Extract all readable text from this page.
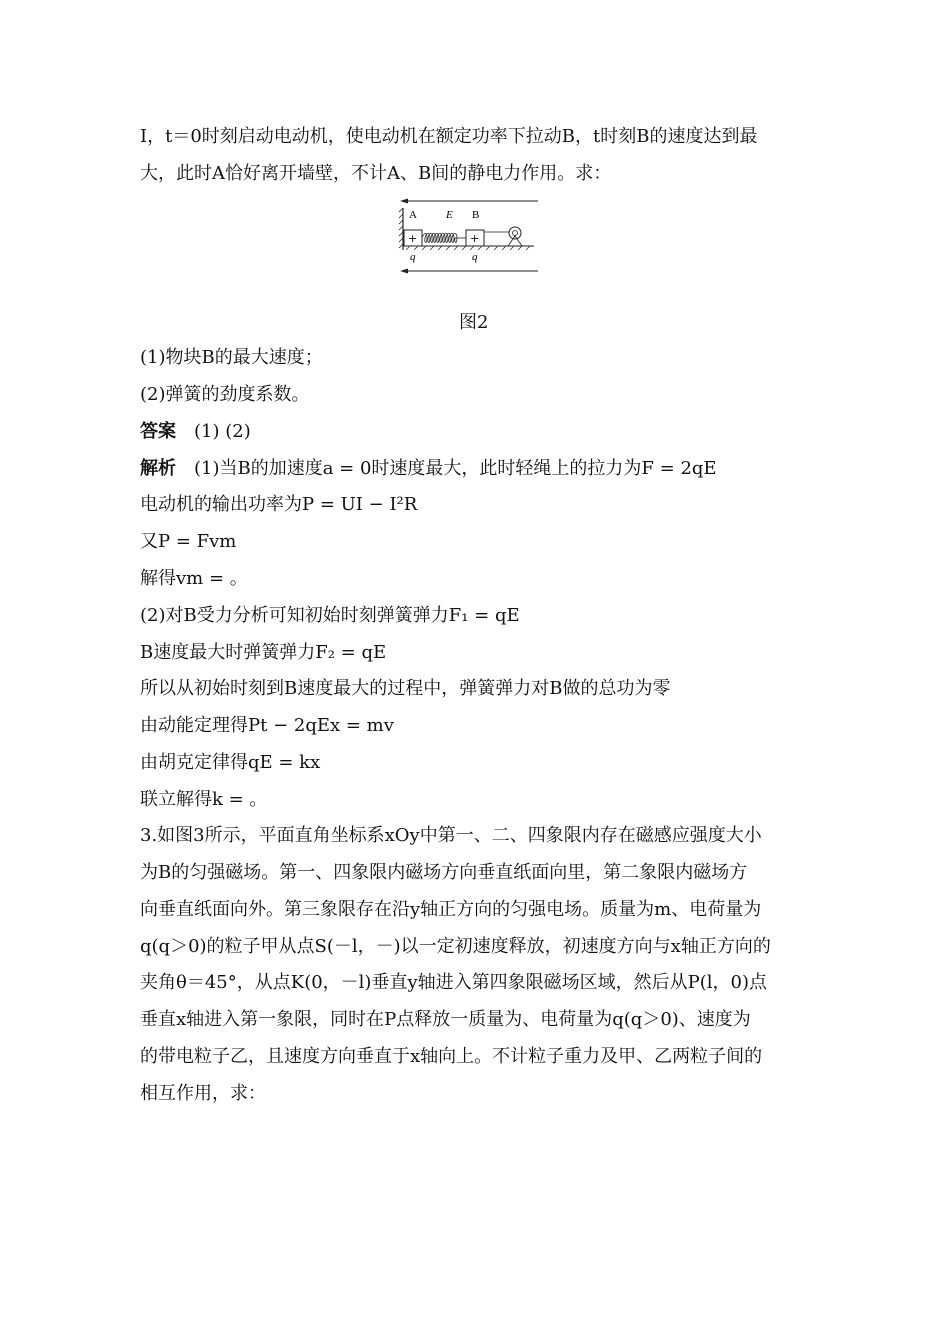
I，t＝0时刻启动电动机，使电动机在额定功率下拉动B，t时刻B的速度达到最
大，此时A恰好离开墙壁，不计A、B间的静电力作用。求：
A	E B
+	+
q	q
图2
(1)物块B的最大速度；
(2)弹簧的劲度系数。
答案 (1) (2)
解析 (1)当B的加速度a = 0时速度最大，此时轻绳上的拉力为F = 2qE
电动机的输出功率为P = UI − I²R
又P = Fvm
解得vm = 。
(2)对B受力分析可知初始时刻弹簧弹力F₁ = qE
B速度最大时弹簧弹力F₂ = qE
所以从初始时刻到B速度最大的过程中，弹簧弹力对B做的总功为零
由动能定理得Pt − 2qEx = mv
由胡克定律得qE = kx
联立解得k = 。
3.如图3所示，平面直角坐标系xOy中第一、二、四象限内存在磁感应强度大小
为B的匀强磁场。第一、四象限内磁场方向垂直纸面向里，第二象限内磁场方
向垂直纸面向外。第三象限存在沿y轴正方向的匀强电场。质量为m、电荷量为
q(q＞0)的粒子甲从点S(－l，－)以一定初速度释放，初速度方向与x轴正方向的
夹角θ＝45°，从点K(0，－l)垂直y轴进入第四象限磁场区域，然后从P(l，0)点
垂直x轴进入第一象限，同时在P点释放一质量为、电荷量为q(q＞0)、速度为
的带电粒子乙，且速度方向垂直于x轴向上。不计粒子重力及甲、乙两粒子间的
相互作用，求：
